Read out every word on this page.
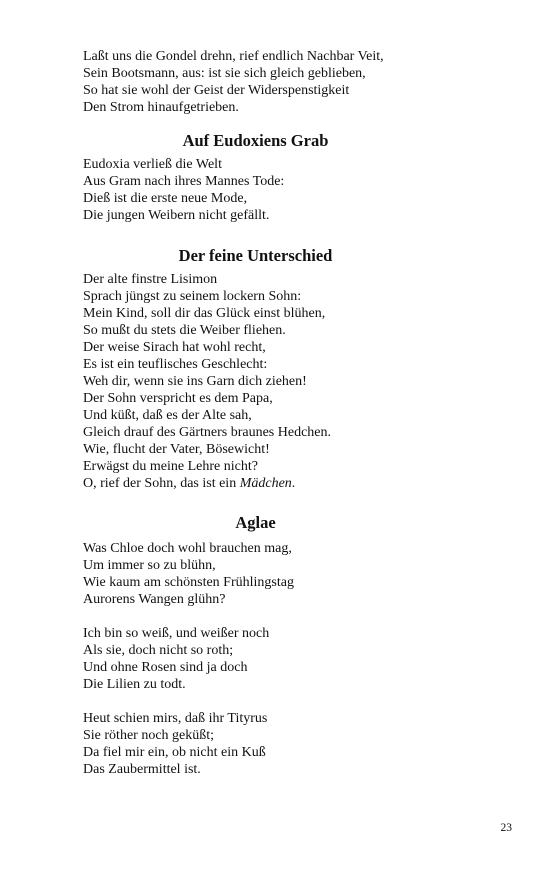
Laßt uns die Gondel drehn, rief endlich Nachbar Veit,
Sein Bootsmann, aus: ist sie sich gleich geblieben,
So hat sie wohl der Geist der Widerspenstigkeit
Den Strom hinaufgetrieben.
Auf Eudoxiens Grab
Eudoxia verließ die Welt
Aus Gram nach ihres Mannes Tode:
Dieß ist die erste neue Mode,
Die jungen Weibern nicht gefällt.
Der feine Unterschied
Der alte finstre Lisimon
Sprach jüngst zu seinem lockern Sohn:
Mein Kind, soll dir das Glück einst blühen,
So mußt du stets die Weiber fliehen.
Der weise Sirach hat wohl recht,
Es ist ein teuflisches Geschlecht:
Weh dir, wenn sie ins Garn dich ziehen!
Der Sohn verspricht es dem Papa,
Und küßt, daß es der Alte sah,
Gleich drauf des Gärtners braunes Hedchen.
Wie, flucht der Vater, Bösewicht!
Erwägst du meine Lehre nicht?
O, rief der Sohn, das ist ein Mädchen.
Aglae
Was Chloe doch wohl brauchen mag,
Um immer so zu blühn,
Wie kaum am schönsten Frühlingstag
Aurorens Wangen glühn?
Ich bin so weiß, und weißer noch
Als sie, doch nicht so roth;
Und ohne Rosen sind ja doch
Die Lilien zu todt.
Heut schien mirs, daß ihr Tityrus
Sie röther noch geküßt;
Da fiel mir ein, ob nicht ein Kuß
Das Zaubermittel ist.
23
